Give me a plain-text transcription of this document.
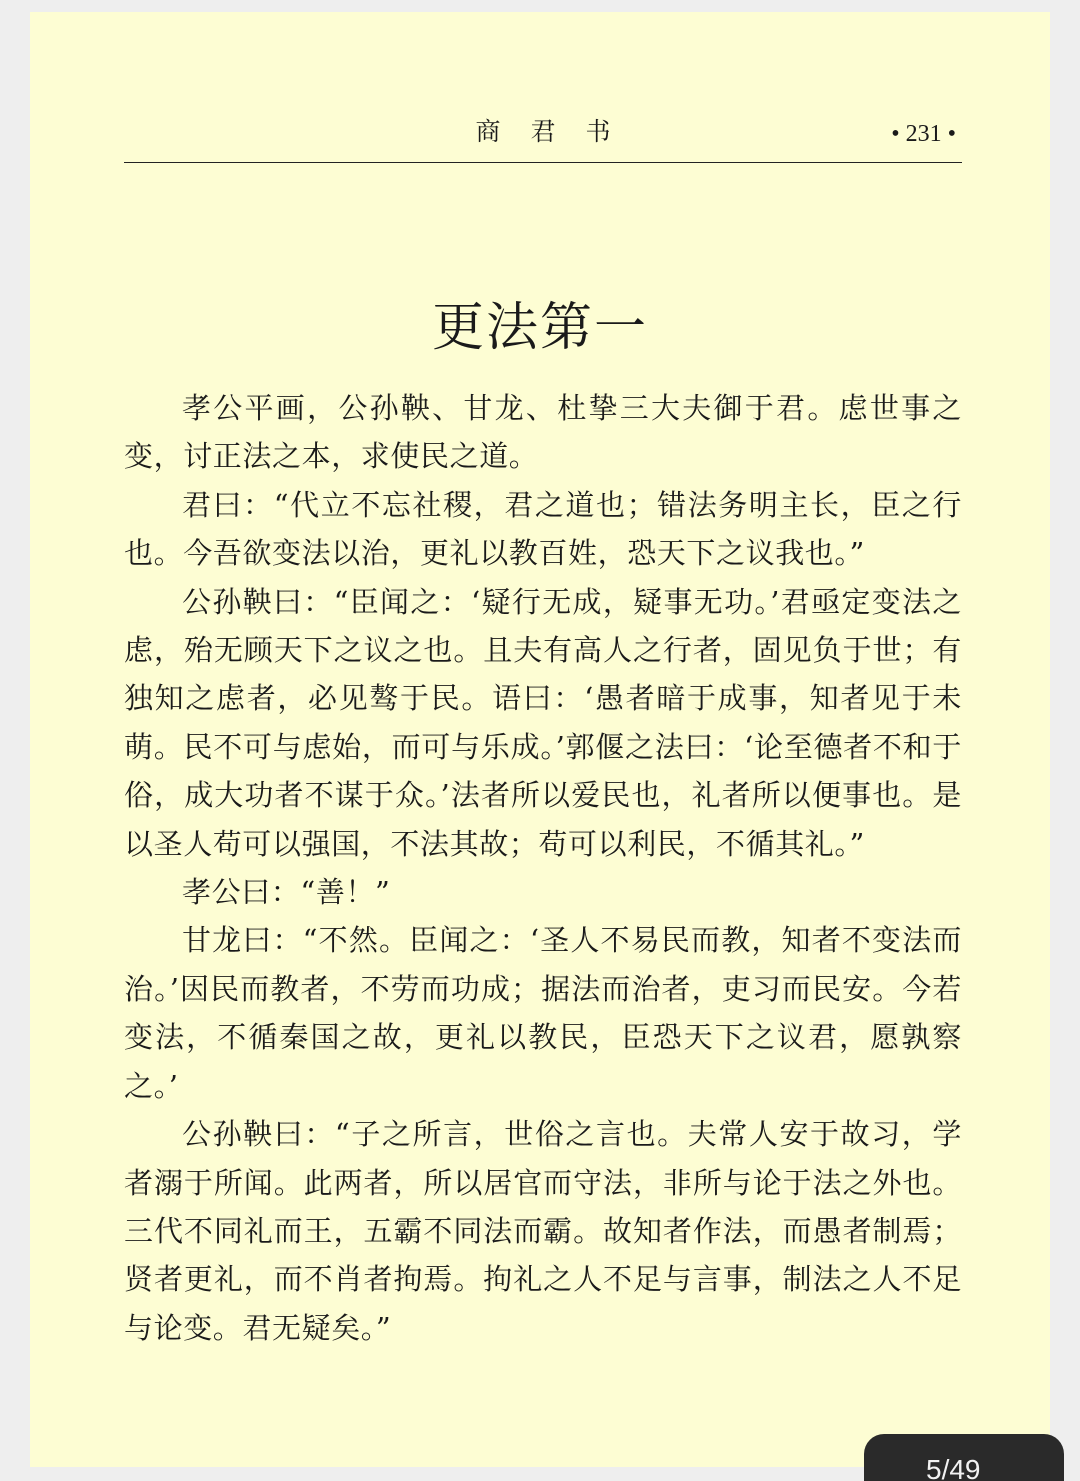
商君书	• 231 •
更法第一

孝公平画，公孙鞅、甘龙、杜挚三大夫御于君。虑世事之变，讨正法之本，求使民之道。

君曰：“代立不忘社稷，君之道也；错法务明主长，臣之行也。今吾欲变法以治，更礼以教百姓，恐天下之议我也。”

公孙鞅曰：“臣闻之：‘疑行无成，疑事无功。’君亟定变法之虑，殆无顾天下之议之也。且夫有高人之行者，固见负于世；有独知之虑者，必见骜于民。语曰：‘愚者暗于成事，知者见于未萌。民不可与虑始，而可与乐成。’郭偃之法曰：‘论至德者不和于俗，成大功者不谋于众。’法者所以爱民也，礼者所以便事也。是以圣人苟可以强国，不法其故；苟可以利民，不循其礼。”

孝公曰：“善！”

甘龙曰：“不然。臣闻之：‘圣人不易民而教，知者不变法而治。’因民而教者，不劳而功成；据法而治者，吏习而民安。今若变法，不循秦国之故，更礼以教民，臣恐天下之议君，愿孰察之。’

公孙鞅曰：“子之所言，世俗之言也。夫常人安于故习，学者溺于所闻。此两者，所以居官而守法，非所与论于法之外也。三代不同礼而王，五霸不同法而霸。故知者作法，而愚者制焉；贤者更礼，而不肖者拘焉。拘礼之人不足与言事，制法之人不足与论变。君无疑矣。”

5/49
